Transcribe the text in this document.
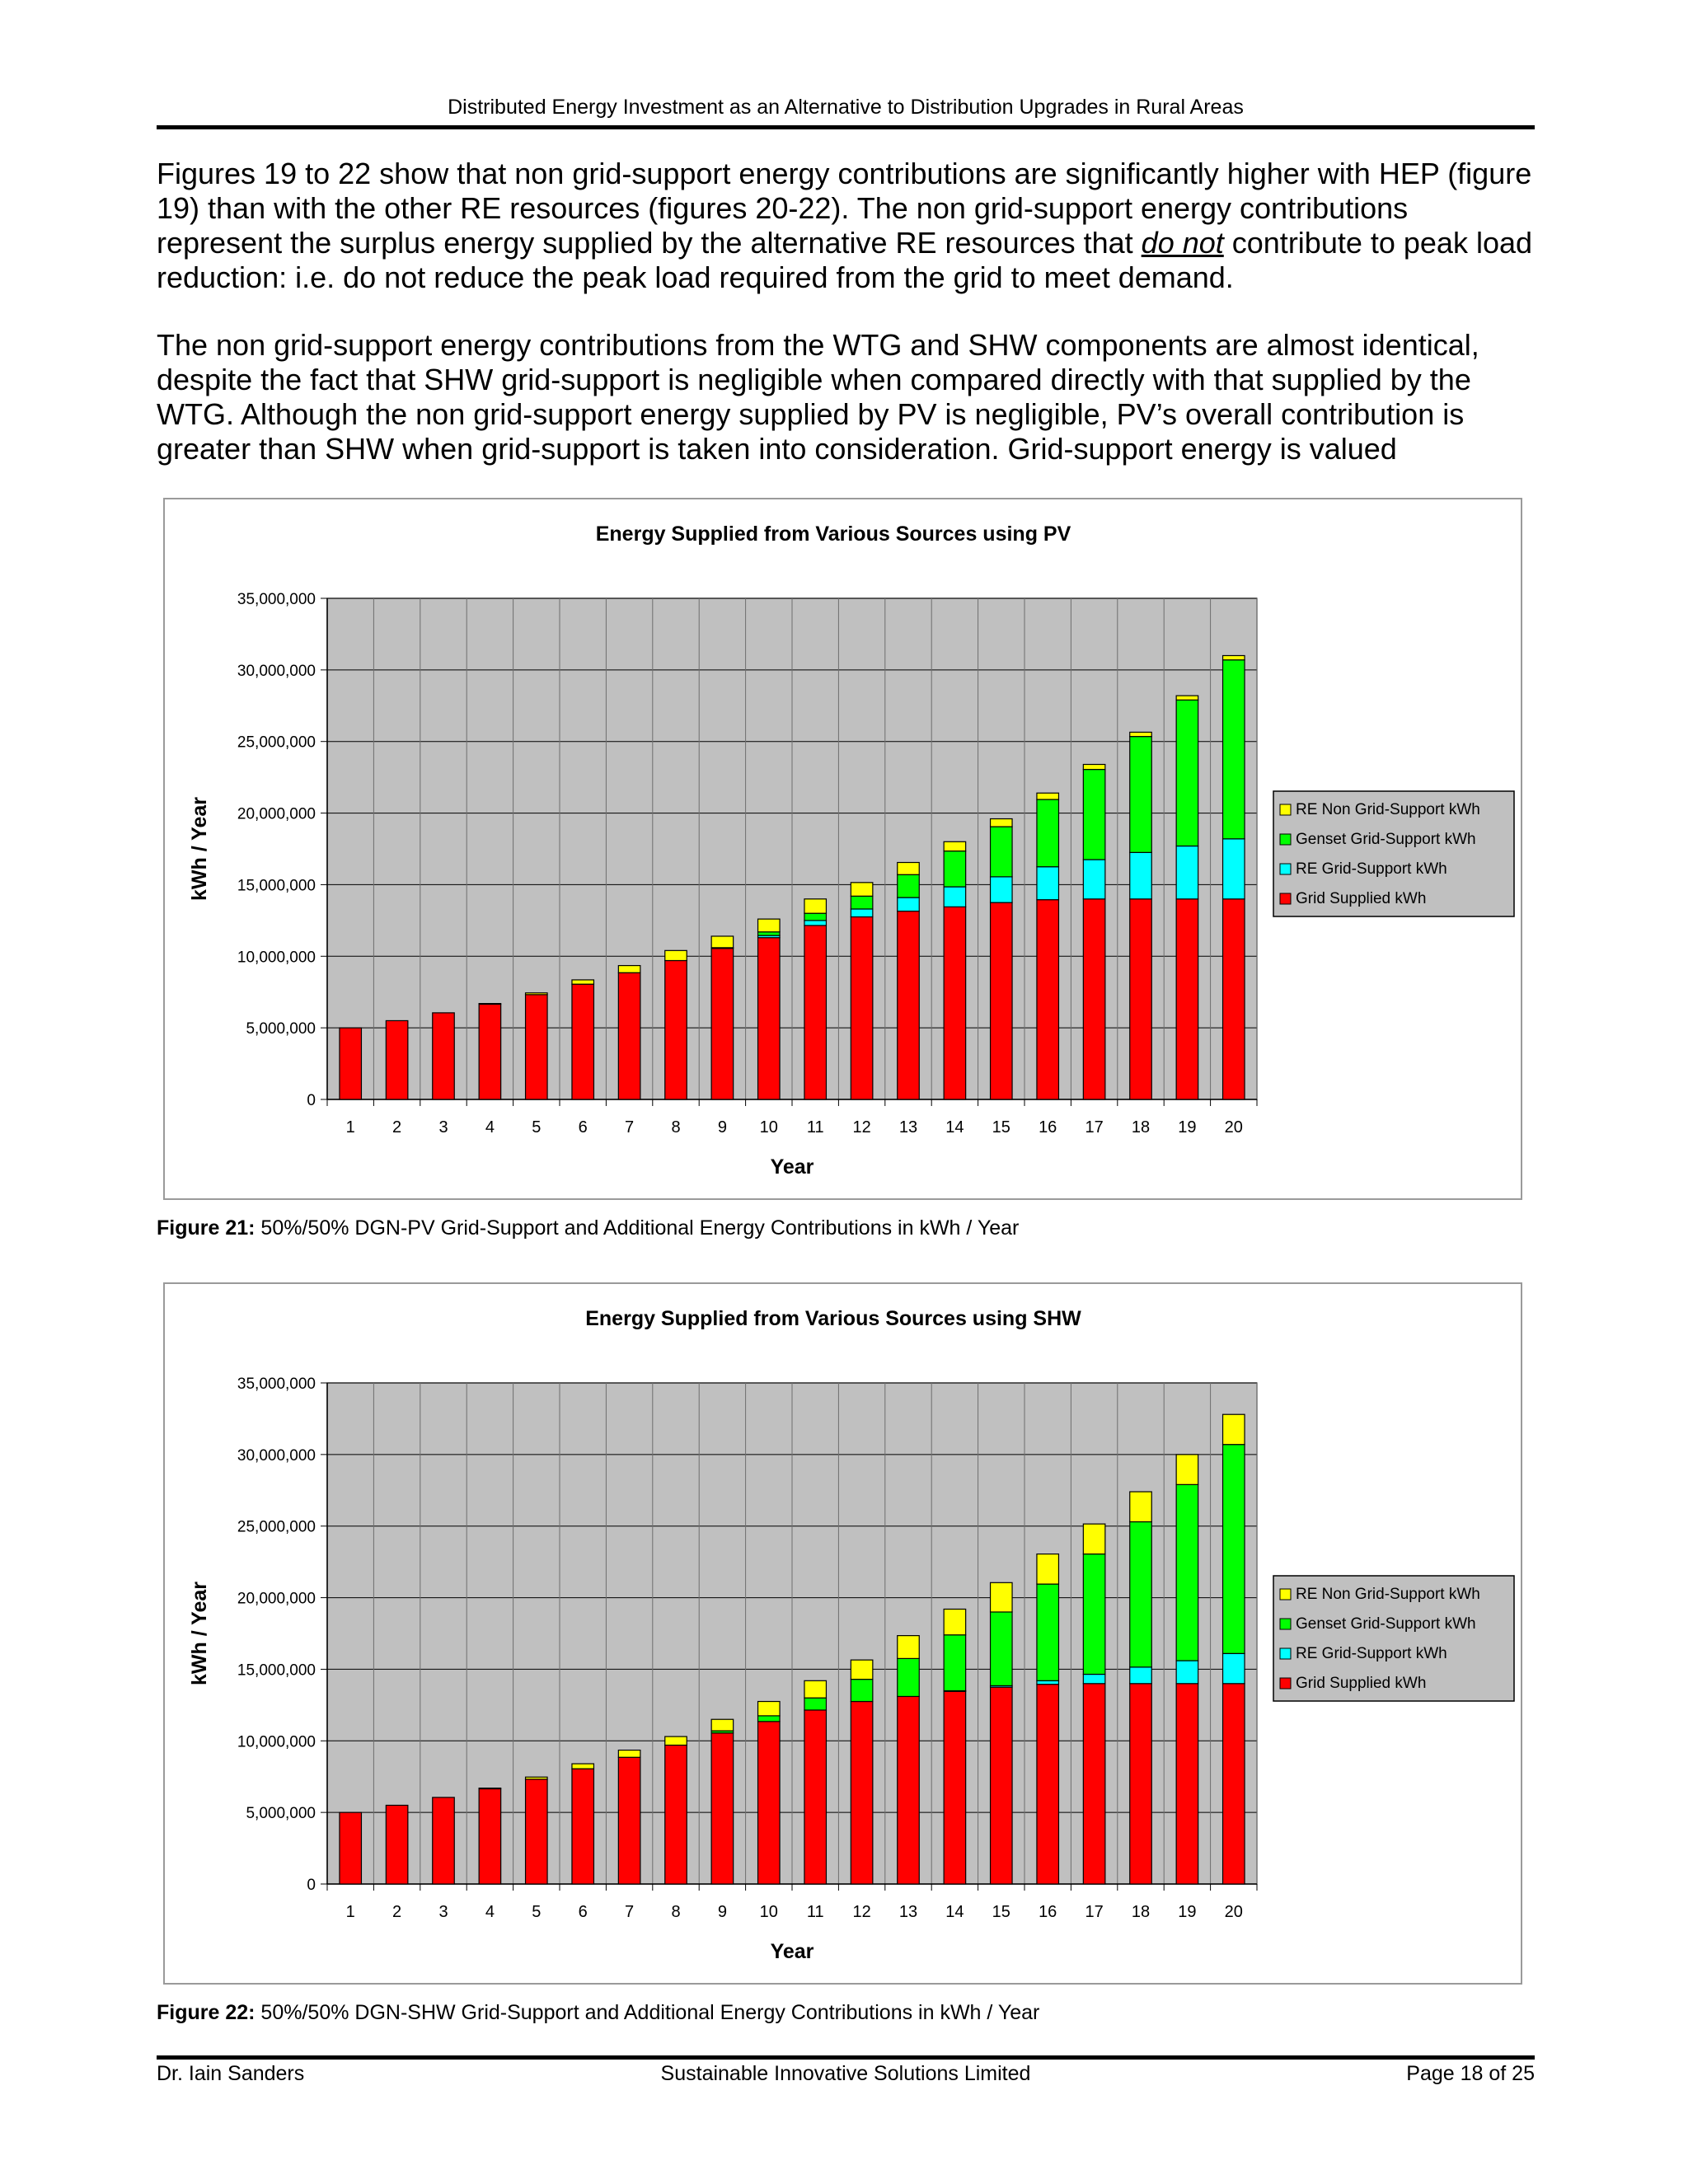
Distributed Energy Investment as an Alternative to Distribution Upgrades in Rural Areas

Figures 19 to 22 show that non grid-support energy contributions are significantly higher with HEP (figure 19) than with the other RE resources (figures 20-22). The non grid-support energy contributions represent the surplus energy supplied by the alternative RE resources that do not contribute to peak load reduction: i.e. do not reduce the peak load required from the grid to meet demand.

The non grid-support energy contributions from the WTG and SHW components are almost identical, despite the fact that SHW grid-support is negligible when compared directly with that supplied by the WTG. Although the non grid-support energy supplied by PV is negligible, PV’s overall contribution is greater than SHW when grid-support is taken into consideration. Grid-support energy is valued

Energy Supplied from Various Sources using PV
0
5,000,000
10,000,000
15,000,000
20,000,000
25,000,000
30,000,000
35,000,000
1 2 3 4 5 6 7 8 9 10 11 12 13 14 15 16 17 18 19 20
Year
kWh / Year	RE Non Grid-Support kWh
Genset Grid-Support kWh
RE Grid-Support kWh
Grid Supplied kWh
Figure 21: 50%/50% DGN-PV Grid-Support and Additional Energy Contributions in kWh / Year
Energy Supplied from Various Sources using SHW
0
5,000,000
10,000,000
15,000,000
20,000,000
25,000,000
30,000,000
35,000,000
1 2 3 4 5 6 7 8 9 10 11 12 13 14 15 16 17 18 19 20
Year
kWh / Year	RE Non Grid-Support kWh
Genset Grid-Support kWh
RE Grid-Support kWh
Grid Supplied kWh
Figure 22: 50%/50% DGN-SHW Grid-Support and Additional Energy Contributions in kWh / Year
Sustainable Innovative Solutions Limited
Dr. Iain Sanders	Page 18 of 25
